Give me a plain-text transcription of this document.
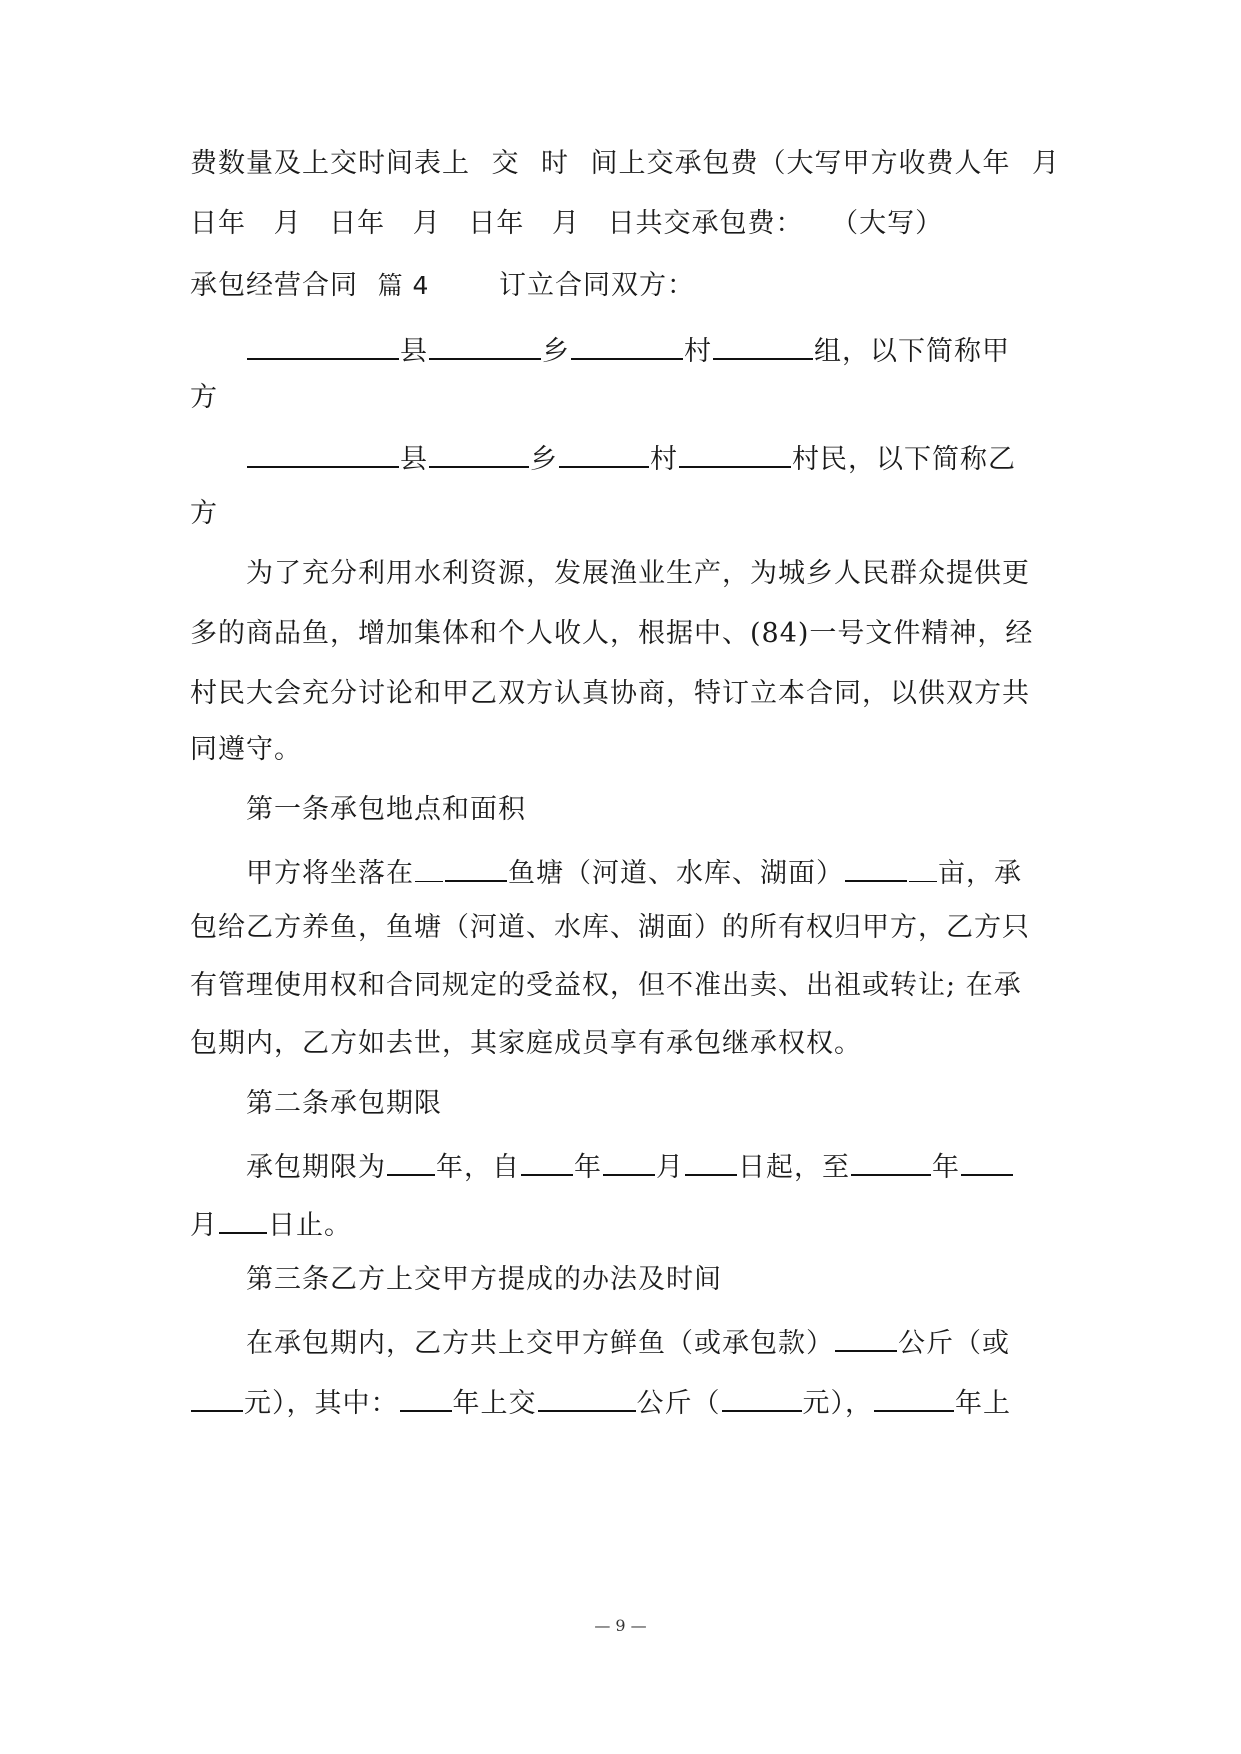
费数量及上交时间表上 交 时 间上交承包费（大写甲方收费人年 月
日年 月 日年 月 日年 月 日共交承包费： （大写）
承包经营合同 篇 4	订立合同双方：
县	乡	村	组，以下简称甲
方
县	乡	村	村民，以下简称乙
方
为了充分利用水利资源，发展渔业生产，为城乡人民群众提供更
多的商品鱼，增加集体和个人收人，根据中、(84)一号文件精神，经
村民大会充分讨论和甲乙双方认真协商，特订立本合同，以供双方共
同遵守。
第一条承包地点和面积
甲方将坐落在	鱼塘（河道、水库、湖面）	亩，承
包给乙方养鱼，鱼塘（河道、水库、湖面）的所有权归甲方，乙方只
有管理使用权和合同规定的受益权，但不准出卖、出祖或转让; 在承
包期内，乙方如去世，其家庭成员享有承包继承权权。
第二条承包期限
承包期限为 年，自 年 月 日起，至	年
月 日止。
第三条乙方上交甲方提成的办法及时间
在承包期内，乙方共上交甲方鲜鱼（或承包款） 公斤（或
元），其中： 年上交	公斤（	元），	年上
— 9 —
